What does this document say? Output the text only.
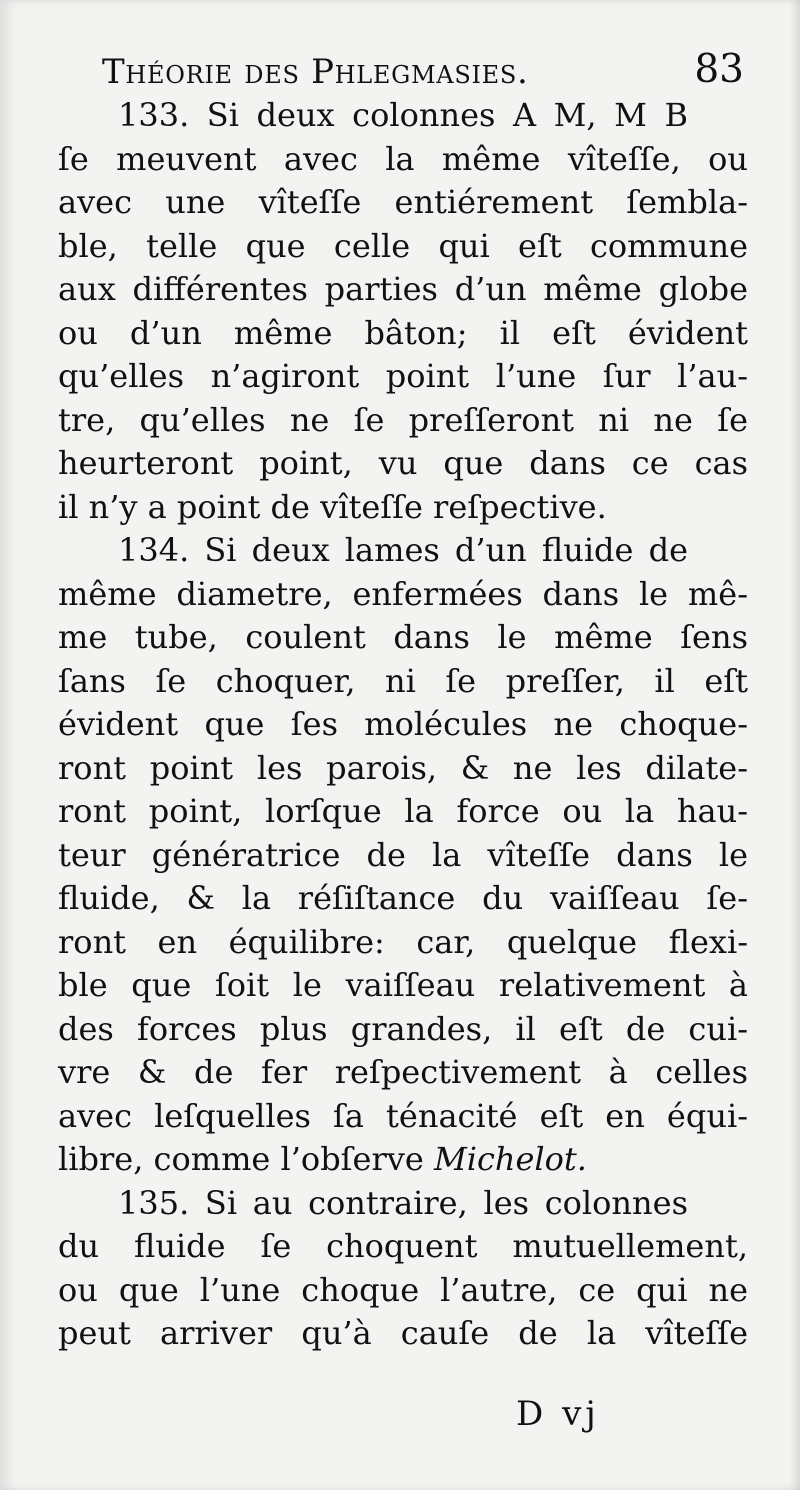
Théorie des Phlegmasies.	83
133. Si deux colonnes A M, M B
ſe meuvent avec la même vîteſſe, ou
avec une vîteſſe entiérement ſembla-
ble, telle que celle qui eſt commune
aux différentes parties d’un même globe
ou d’un même bâton; il eſt évident
qu’elles n’agiront point l’une ſur l’au-
tre, qu’elles ne ſe preſſeront ni ne ſe
heurteront point, vu que dans ce cas
il n’y a point de vîteſſe reſpective.
134. Si deux lames d’un fluide de
même diametre, enfermées dans le mê-
me tube, coulent dans le même ſens
ſans ſe choquer, ni ſe preſſer, il eſt
évident que ſes molécules ne choque-
ront point les parois, & ne les dilate-
ront point, lorſque la force ou la hau-
teur génératrice de la vîteſſe dans le
fluide, & la réſiſtance du vaiſſeau ſe-
ront en équilibre: car, quelque flexi-
ble que ſoit le vaiſſeau relativement à
des forces plus grandes, il eſt de cui-
vre & de fer reſpectivement à celles
avec leſquelles ſa ténacité eſt en équi-
libre, comme l’obſerve Michelot.
135. Si au contraire, les colonnes
du fluide ſe choquent mutuellement,
ou que l’une choque l’autre, ce qui ne
peut arriver qu’à cauſe de la vîteſſe
D vj
